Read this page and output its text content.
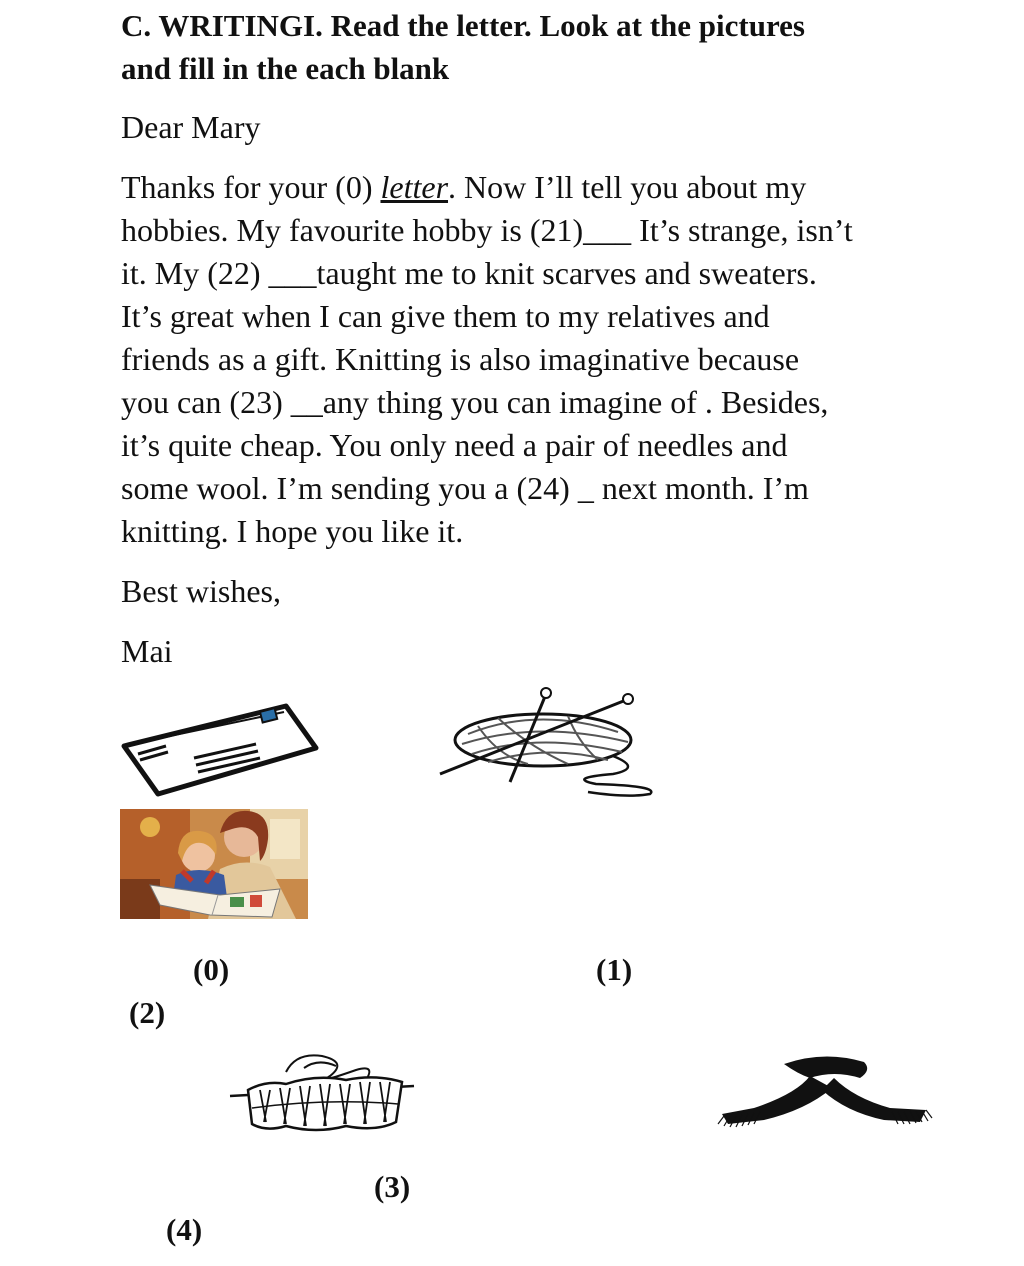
C. WRITINGI. Read the letter. Look at the pictures
and fill in the each blank

Dear Mary

Thanks for your (0) letter. Now I’ll tell you about my
hobbies. My favourite hobby is (21)___ It’s strange, isn’t
it. My (22) ___taught me to knit scarves and sweaters.
It’s great when I can give them to my relatives and
friends as a gift. Knitting is also imaginative because
you can (23) __any thing you can imagine of . Besides,
it’s quite cheap. You only need a pair of needles and
some wool. I’m sending you a (24) _ next month. I’m
knitting. I hope you like it.

Best wishes,

Mai

(0)	(1)
(2)
(3)
(4)
